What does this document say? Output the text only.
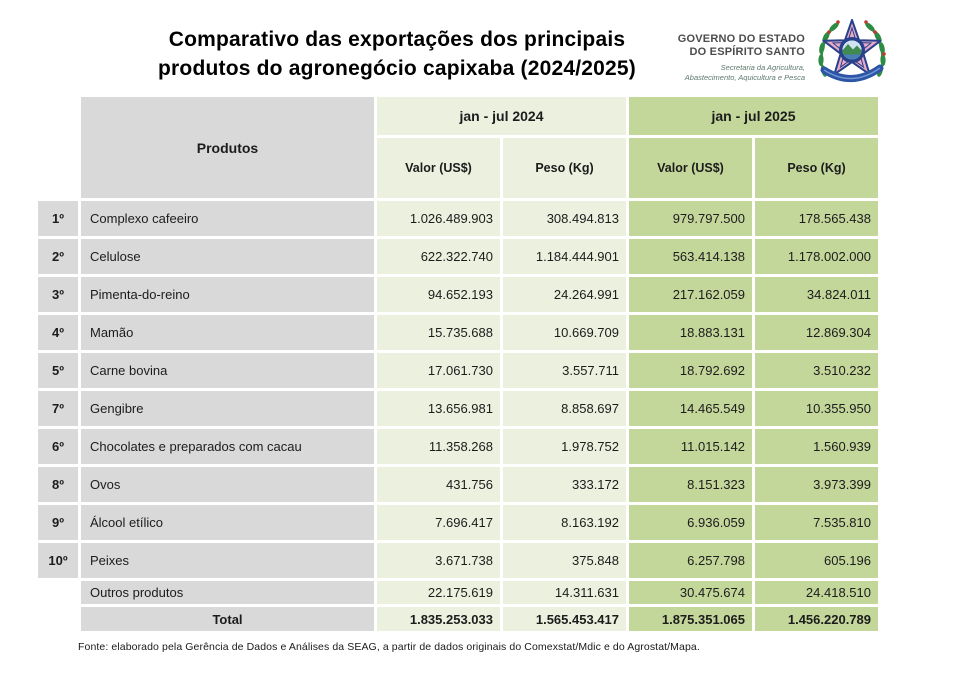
Comparativo das exportações dos principais
produtos do agronegócio capixaba (2024/2025)
GOVERNO DO ESTADO
DO ESPÍRITO SANTO
Secretaria da Agricultura,
Abastecimento, Aquicultura e Pesca
	Produtos	jan - jul 2024		jan - jul 2025	
		Valor (US$)	Peso (Kg)	Valor (US$)	Peso (Kg)
1º	Complexo cafeeiro	1.026.489.903	308.494.813	979.797.500	178.565.438
2º	Celulose	622.322.740	1.184.444.901	563.414.138	1.178.002.000
3º	Pimenta-do-reino	94.652.193	24.264.991	217.162.059	34.824.011
4º	Mamão	15.735.688	10.669.709	18.883.131	12.869.304
5º	Carne bovina	17.061.730	3.557.711	18.792.692	3.510.232
7º	Gengibre	13.656.981	8.858.697	14.465.549	10.355.950
6º	Chocolates e preparados com cacau	11.358.268	1.978.752	11.015.142	1.560.939
8º	Ovos	431.756	333.172	8.151.323	3.973.399
9º	Álcool etílico	7.696.417	8.163.192	6.936.059	7.535.810
10º	Peixes	3.671.738	375.848	6.257.798	605.196
	Outros produtos	22.175.619	14.311.631	30.475.674	24.418.510
	Total	1.835.253.033	1.565.453.417	1.875.351.065	1.456.220.789
Fonte: elaborado pela Gerência de Dados e Análises da SEAG, a partir de dados originais do Comexstat/Mdic e do Agrostat/Mapa.
